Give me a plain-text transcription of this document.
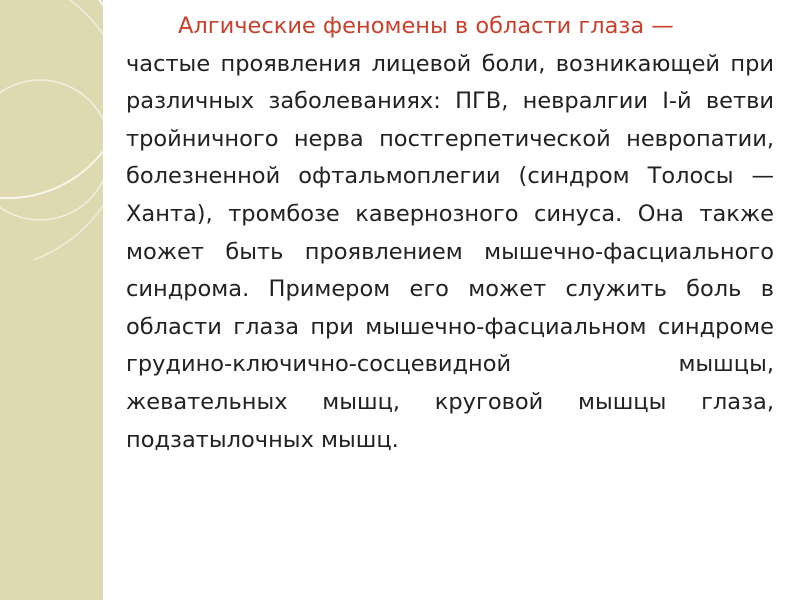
Алгические феномены в области глаза —

частые проявления лицевой боли, возникающей при различных заболеваниях: ПГВ, невралгии I-й ветви тройничного нерва постгерпетической невропатии, болезненной офтальмоплегии (синдром Толосы — Ханта), тромбозе кавернозного синуса. Она также может быть проявлением мышечно-фасциального синдрома. Примером его может служить боль в области глаза при мышечно-фасциальном синдроме грудино-ключично-сосцевидной мышцы, жевательных мышц, круговой мышцы глаза, подзатылочных мышц.
